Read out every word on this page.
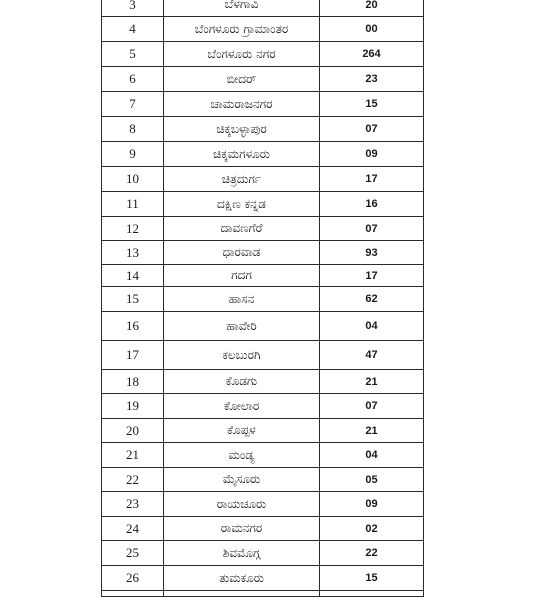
3	ಬೆಳಗಾವಿ	20
4	ಬೆಂಗಳೂರು ಗ್ರಾಮಾಂತರ	00
5	ಬೆಂಗಳೂರು ನಗರ	264
6	ಬೀದರ್	23
7	ಚಾಮರಾಜನಗರ	15
8	ಚಿಕ್ಕಬಳ್ಳಾಪುರ	07
9	ಚಿಕ್ಕಮಗಳೂರು	09
10	ಚಿತ್ರದುರ್ಗ	17
11	ದಕ್ಷಿಣ ಕನ್ನಡ	16
12	ದಾವಣಗೆರೆ	07
13	ಧಾರವಾಡ	93
14	ಗದಗ	17
15	ಹಾಸನ	62
16	ಹಾವೇರಿ	04
17	ಕಲಬುರಗಿ	47
18	ಕೊಡಗು	21
19	ಕೋಲಾರ	07
20	ಕೊಪ್ಪಳ	21
21	ಮಂಡ್ಯ	04
22	ಮೈಸೂರು	05
23	ರಾಯಚೂರು	09
24	ರಾಮನಗರ	02
25	ಶಿವಮೊಗ್ಗ	22
26	ತುಮಕೂರು	15
